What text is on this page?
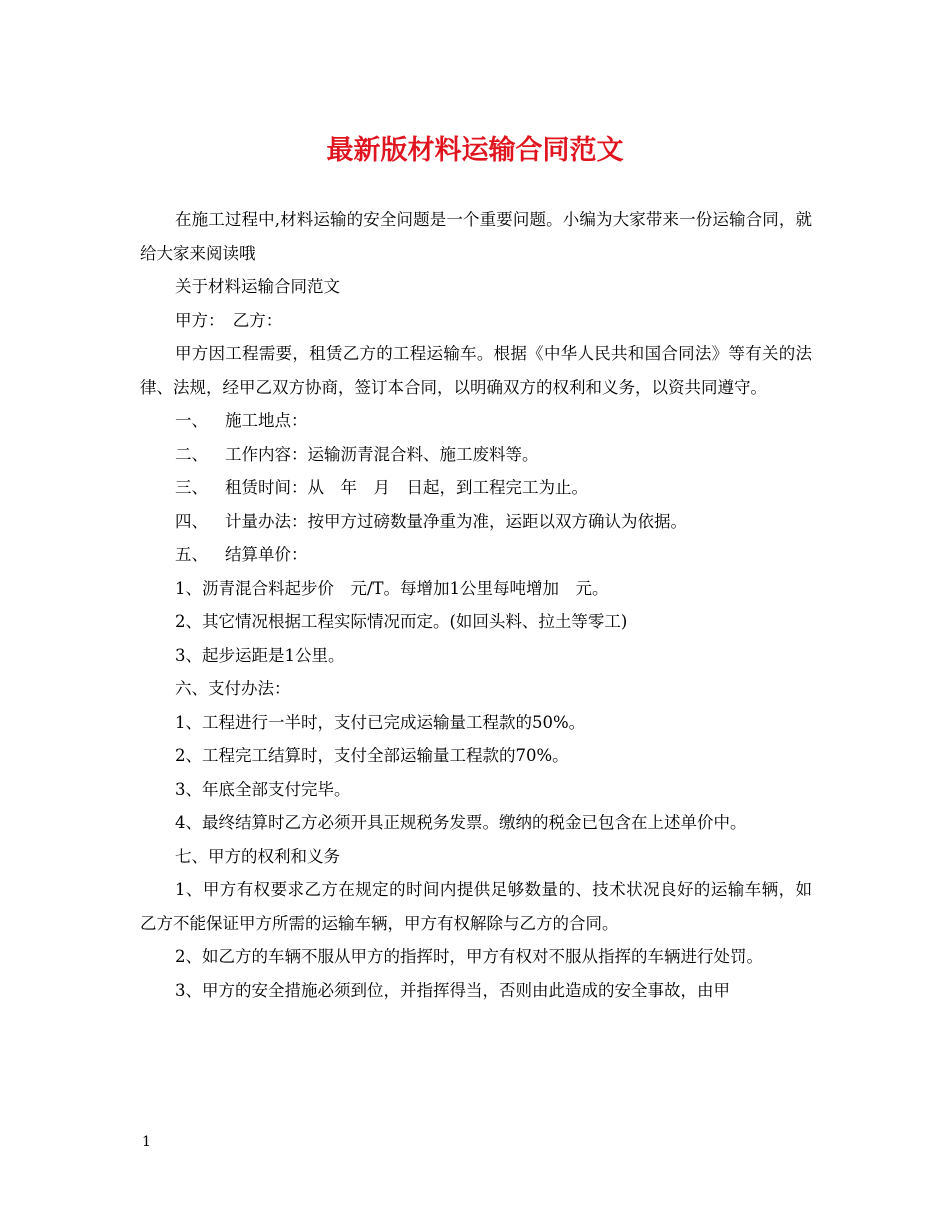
最新版材料运输合同范文

在施工过程中,材料运输的安全问题是一个重要问题。小编为大家带来一份运输合同，就给大家来阅读哦

关于材料运输合同范文

甲方：　乙方：

甲方因工程需要，租赁乙方的工程运输车。根据《中华人民共和国合同法》等有关的法律、法规，经甲乙双方协商，签订本合同，以明确双方的权利和义务，以资共同遵守。

一、 施工地点：

二、 工作内容：运输沥青混合料、施工废料等。

三、 租赁时间：从　年　月　日起，到工程完工为止。

四、 计量办法：按甲方过磅数量净重为准，运距以双方确认为依据。

五、 结算单价：

1、沥青混合料起步价　元/T。每增加1公里每吨增加　元。

2、其它情况根据工程实际情况而定。(如回头料、拉土等零工)

3、起步运距是1公里。

六、支付办法：

1、工程进行一半时，支付已完成运输量工程款的50%。

2、工程完工结算时，支付全部运输量工程款的70%。

3、年底全部支付完毕。

4、最终结算时乙方必须开具正规税务发票。缴纳的税金已包含在上述单价中。

七、甲方的权利和义务

1、甲方有权要求乙方在规定的时间内提供足够数量的、技术状况良好的运输车辆，如乙方不能保证甲方所需的运输车辆，甲方有权解除与乙方的合同。

2、如乙方的车辆不服从甲方的指挥时，甲方有权对不服从指挥的车辆进行处罚。

3、甲方的安全措施必须到位，并指挥得当，否则由此造成的安全事故，由甲

1
